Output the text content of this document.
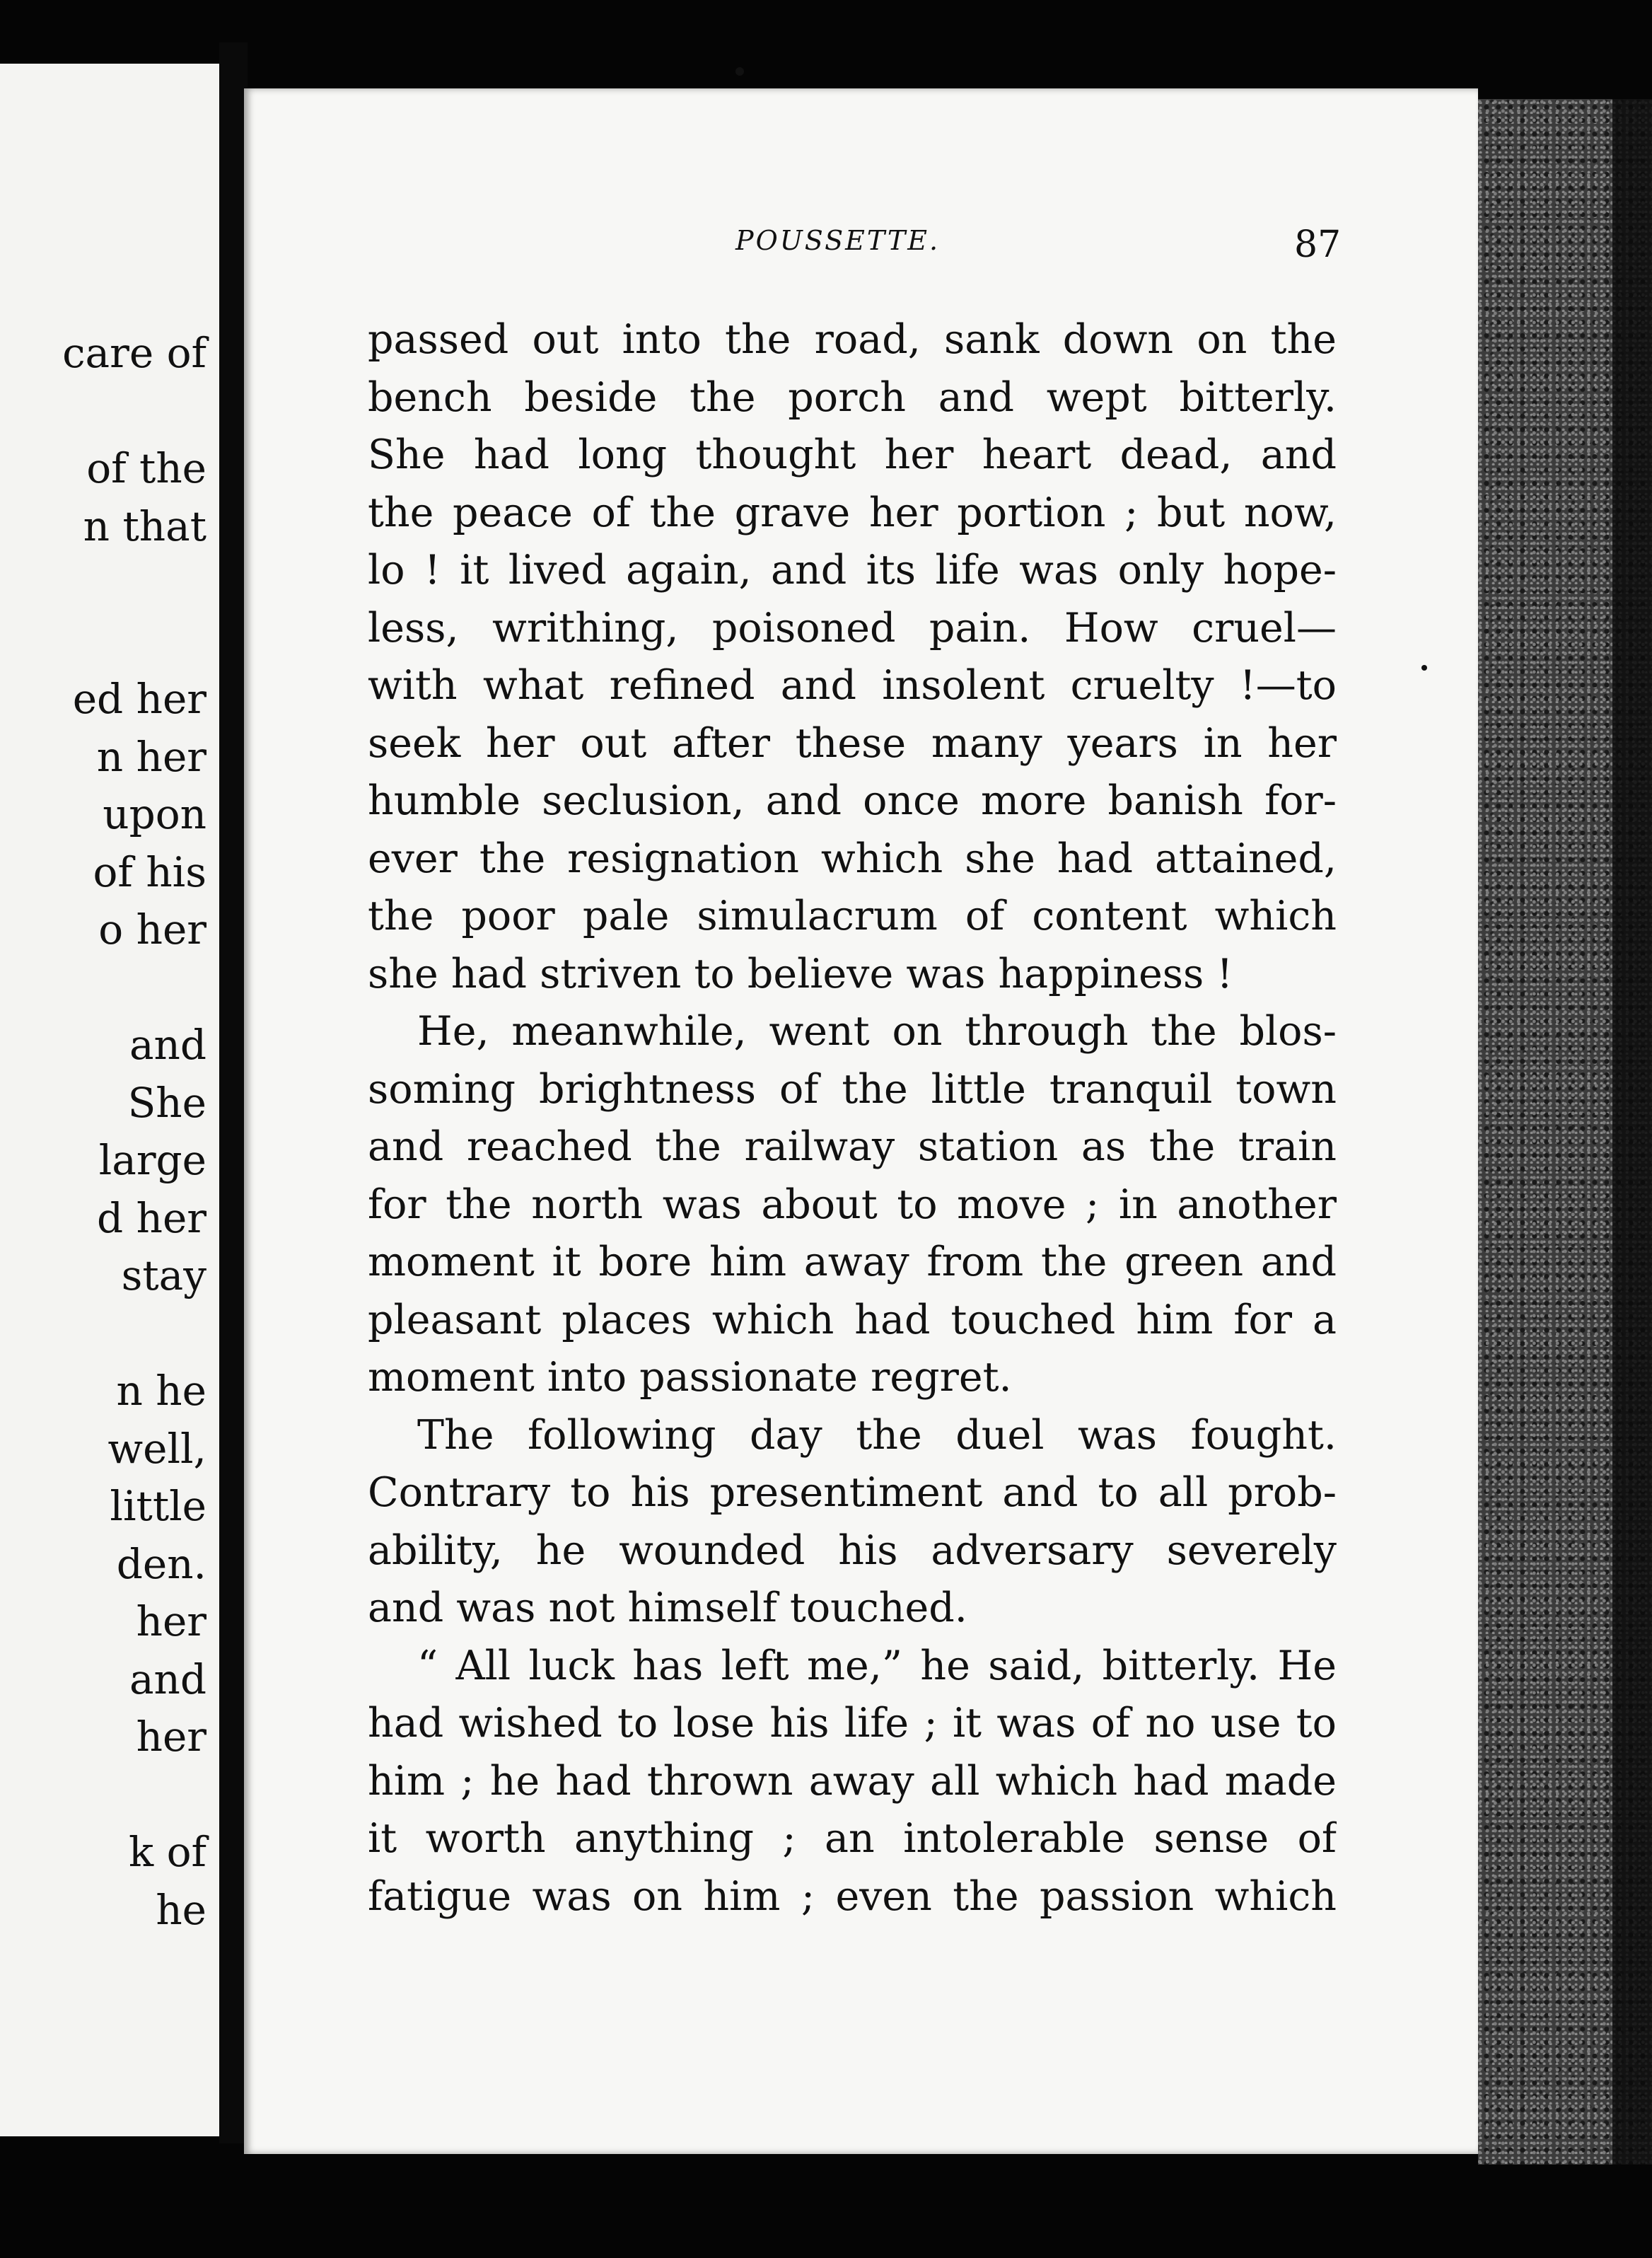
care of
of the
n that
ed her
n her
upon
of his
o her
and
She
large
d her
stay
n he
well,
little
den.
her
and
her
k of
he
POUSSETTE.	87
passed out into the road, sank down on the
bench beside the porch and wept bitterly.
She had long thought her heart dead, and
the peace of the grave her portion ; but now,
lo ! it lived again, and its life was only hope-
less, writhing, poisoned pain. How cruel—
with what refined and insolent cruelty !—to
seek her out after these many years in her
humble seclusion, and once more banish for-
ever the resignation which she had attained,
the poor pale simulacrum of content which
she had striven to believe was happiness !
He, meanwhile, went on through the blos-
soming brightness of the little tranquil town
and reached the railway station as the train
for the north was about to move ; in another
moment it bore him away from the green and
pleasant places which had touched him for a
moment into passionate regret.
The following day the duel was fought.
Contrary to his presentiment and to all prob-
ability, he wounded his adversary severely
and was not himself touched.
“ All luck has left me,” he said, bitterly. He
had wished to lose his life ; it was of no use to
him ; he had thrown away all which had made
it worth anything ; an intolerable sense of
fatigue was on him ; even the passion which
